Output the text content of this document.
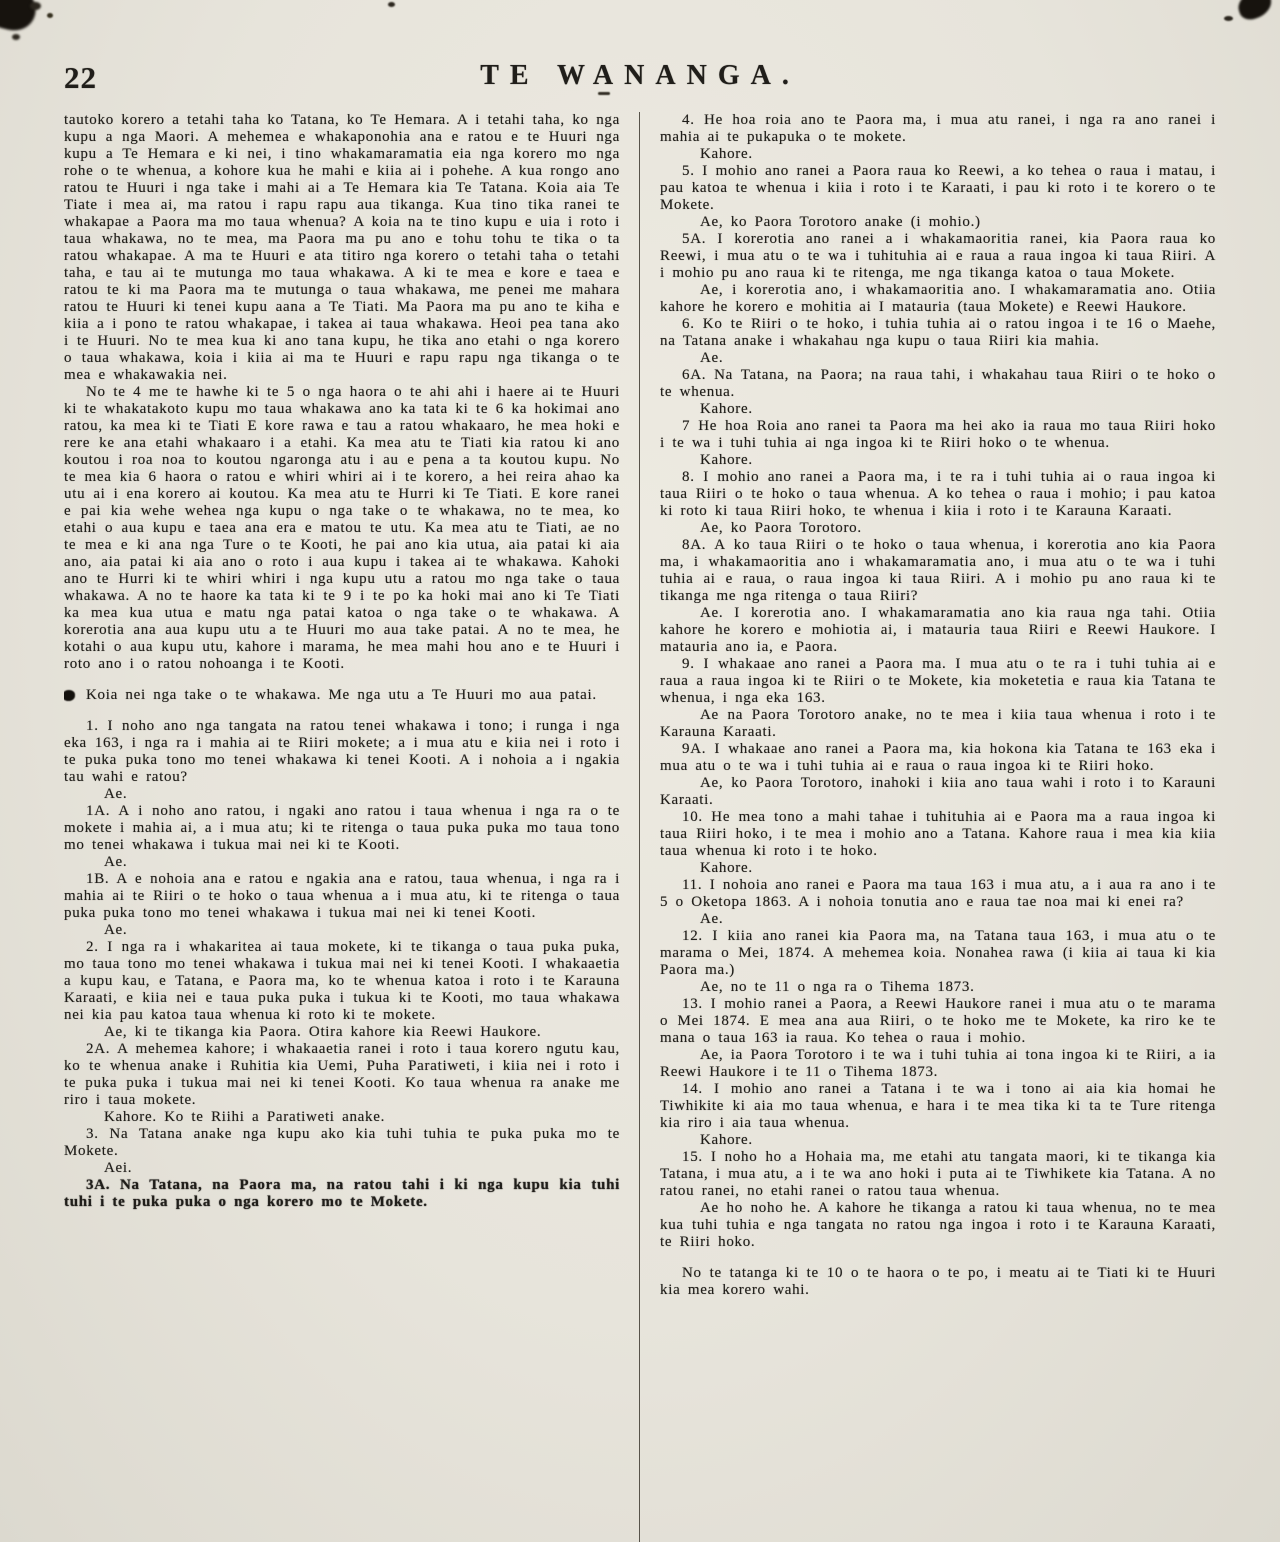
22	TE WANANGA.

tautoko korero a tetahi taha ko Tatana, ko Te Hemara. A i tetahi taha, ko nga kupu a nga Maori. A mehemea e whakaponohia ana e ratou e te Huuri nga kupu a Te Hemara e ki nei, i tino whakamaramatia eia nga korero mo nga rohe o te whenua, a kohore kua he mahi e kiia ai i pohehe. A kua rongo ano ratou te Huuri i nga take i mahi ai a Te Hemara kia Te Tatana. Koia aia Te Tiate i mea ai, ma ratou i rapu rapu aua tikanga. Kua tino tika ranei te whakapae a Paora ma mo taua whenua? A koia na te tino kupu e uia i roto i taua whakawa, no te mea, ma Paora ma pu ano e tohu tohu te tika o ta ratou whakapae. A ma te Huuri e ata titiro nga korero o tetahi taha o tetahi taha, e tau ai te mutunga mo taua whakawa. A ki te mea e kore e taea e ratou te ki ma Paora ma te mutunga o taua whakawa, me penei me mahara ratou te Huuri ki tenei kupu aana a Te Tiati. Ma Paora ma pu ano te kiha e kiia a i pono te ratou whakapae, i takea ai taua whakawa. Heoi pea tana ako i te Huuri. No te mea kua ki ano tana kupu, he tika ano etahi o nga korero o taua whakawa, koia i kiia ai ma te Huuri e rapu rapu nga tikanga o te mea e whakawakia nei.

No te 4 me te hawhe ki te 5 o nga haora o te ahi ahi i haere ai te Huuri ki te whakatakoto kupu mo taua whakawa ano ka tata ki te 6 ka hokimai ano ratou, ka mea ki te Tiati E kore rawa e tau a ratou whakaaro, he mea hoki e rere ke ana etahi whakaaro i a etahi. Ka mea atu te Tiati kia ratou ki ano koutou i roa noa to koutou ngaronga atu i au e pena a ta koutou kupu. No te mea kia 6 haora o ratou e whiri whiri ai i te korero, a hei reira ahao ka utu ai i ena korero ai koutou. Ka mea atu te Hurri ki Te Tiati. E kore ranei e pai kia wehe wehea nga kupu o nga take o te whakawa, no te mea, ko etahi o aua kupu e taea ana era e matou te utu. Ka mea atu te Tiati, ae no te mea e ki ana nga Ture o te Kooti, he pai ano kia utua, aia patai ki aia ano, aia patai ki aia ano o roto i aua kupu i takea ai te whakawa. Kahoki ano te Hurri ki te whiri whiri i nga kupu utu a ratou mo nga take o taua whakawa. A no te haore ka tata ki te 9 i te po ka hoki mai ano ki Te Tiati ka mea kua utua e matu nga patai katoa o nga take o te whakawa. A korerotia ana aua kupu utu a te Huuri mo aua take patai. A no te mea, he kotahi o aua kupu utu, kahore i marama, he mea mahi hou ano e te Huuri i roto ano i o ratou nohoanga i te Kooti.

Koia nei nga take o te whakawa. Me nga utu a Te Huuri mo aua patai.

1. I noho ano nga tangata na ratou tenei whakawa i tono; i runga i nga eka 163, i nga ra i mahia ai te Riiri mokete; a i mua atu e kiia nei i roto i te puka puka tono mo tenei whakawa ki tenei Kooti. A i nohoia a i ngakia tau wahi e ratou?

Ae.

1A. A i noho ano ratou, i ngaki ano ratou i taua whenua i nga ra o te mokete i mahia ai, a i mua atu; ki te ritenga o taua puka puka mo taua tono mo tenei whakawa i tukua mai nei ki te Kooti.

Ae.

1B. A e nohoia ana e ratou e ngakia ana e ratou, taua whenua, i nga ra i mahia ai te Riiri o te hoko o taua whenua a i mua atu, ki te ritenga o taua puka puka tono mo tenei whakawa i tukua mai nei ki tenei Kooti.

Ae.

2. I nga ra i whakaritea ai taua mokete, ki te tikanga o taua puka puka, mo taua tono mo tenei whakawa i tukua mai nei ki tenei Kooti. I whakaaetia a kupu kau, e Tatana, e Paora ma, ko te whenua katoa i roto i te Karauna Karaati, e kiia nei e taua puka puka i tukua ki te Kooti, mo taua whakawa nei kia pau katoa taua whenua ki roto ki te mokete.

Ae, ki te tikanga kia Paora. Otira kahore kia Reewi Haukore.

2A. A mehemea kahore; i whakaaetia ranei i roto i taua korero ngutu kau, ko te whenua anake i Ruhitia kia Uemi, Puha Paratiweti, i kiia nei i roto i te puka puka i tukua mai nei ki tenei Kooti. Ko taua whenua ra anake me riro i taua mokete.

Kahore. Ko te Riihi a Paratiweti anake.

3. Na Tatana anake nga kupu ako kia tuhi tuhia te puka puka mo te Mokete.

Aei.

3A. Na Tatana, na Paora ma, na ratou tahi i ki nga kupu kia tuhi tuhi i te puka puka o nga korero mo te Mokete.

4. He hoa roia ano te Paora ma, i mua atu ranei, i nga ra ano ranei i mahia ai te pukapuka o te mokete.

Kahore.

5. I mohio ano ranei a Paora raua ko Reewi, a ko tehea o raua i matau, i pau katoa te whenua i kiia i roto i te Karaati, i pau ki roto i te korero o te Mokete.

Ae, ko Paora Torotoro anake (i mohio.)

5A. I korerotia ano ranei a i whakamaoritia ranei, kia Paora raua ko Reewi, i mua atu o te wa i tuhituhia ai e raua a raua ingoa ki taua Riiri. A i mohio pu ano raua ki te ritenga, me nga tikanga katoa o taua Mokete.

Ae, i korerotia ano, i whakamaoritia ano. I whakamaramatia ano. Otiia kahore he korero e mohitia ai I matauria (taua Mokete) e Reewi Haukore.

6. Ko te Riiri o te hoko, i tuhia tuhia ai o ratou ingoa i te 16 o Maehe, na Tatana anake i whakahau nga kupu o taua Riiri kia mahia.

Ae.

6A. Na Tatana, na Paora; na raua tahi, i whakahau taua Riiri o te hoko o te whenua.

Kahore.

7 He hoa Roia ano ranei ta Paora ma hei ako ia raua mo taua Riiri hoko i te wa i tuhi tuhia ai nga ingoa ki te Riiri hoko o te whenua.

Kahore.

8. I mohio ano ranei a Paora ma, i te ra i tuhi tuhia ai o raua ingoa ki taua Riiri o te hoko o taua whenua. A ko tehea o raua i mohio; i pau katoa ki roto ki taua Riiri hoko, te whenua i kiia i roto i te Karauna Karaati.

Ae, ko Paora Torotoro.

8A. A ko taua Riiri o te hoko o taua whenua, i korerotia ano kia Paora ma, i whakamaoritia ano i whakamaramatia ano, i mua atu o te wa i tuhi tuhia ai e raua, o raua ingoa ki taua Riiri. A i mohio pu ano raua ki te tikanga me nga ritenga o taua Riiri?

Ae. I korerotia ano. I whakamaramatia ano kia raua nga tahi. Otiia kahore he korero e mohiotia ai, i matauria taua Riiri e Reewi Haukore. I matauria ano ia, e Paora.

9. I whakaae ano ranei a Paora ma. I mua atu o te ra i tuhi tuhia ai e raua a raua ingoa ki te Riiri o te Mokete, kia moketetia e raua kia Tatana te whenua, i nga eka 163.

Ae na Paora Torotoro anake, no te mea i kiia taua whenua i roto i te Karauna Karaati.

9A. I whakaae ano ranei a Paora ma, kia hokona kia Tatana te 163 eka i mua atu o te wa i tuhi tuhia ai e raua o raua ingoa ki te Riiri hoko.

Ae, ko Paora Torotoro, inahoki i kiia ano taua wahi i roto i to Karauni Karaati.

10. He mea tono a mahi tahae i tuhituhia ai e Paora ma a raua ingoa ki taua Riiri hoko, i te mea i mohio ano a Tatana. Kahore raua i mea kia kiia taua whenua ki roto i te hoko.

Kahore.

11. I nohoia ano ranei e Paora ma taua 163 i mua atu, a i aua ra ano i te 5 o Oketopa 1863. A i nohoia tonutia ano e raua tae noa mai ki enei ra?

Ae.

12. I kiia ano ranei kia Paora ma, na Tatana taua 163, i mua atu o te marama o Mei, 1874. A mehemea koia. Nonahea rawa (i kiia ai taua ki kia Paora ma.)

Ae, no te 11 o nga ra o Tihema 1873.

13. I mohio ranei a Paora, a Reewi Haukore ranei i mua atu o te marama o Mei 1874. E mea ana aua Riiri, o te hoko me te Mokete, ka riro ke te mana o taua 163 ia raua. Ko tehea o raua i mohio.

Ae, ia Paora Torotoro i te wa i tuhi tuhia ai tona ingoa ki te Riiri, a ia Reewi Haukore i te 11 o Tihema 1873.

14. I mohio ano ranei a Tatana i te wa i tono ai aia kia homai he Tiwhikite ki aia mo taua whenua, e hara i te mea tika ki ta te Ture ritenga kia riro i aia taua whenua.

Kahore.

15. I noho ho a Hohaia ma, me etahi atu tangata maori, ki te tikanga kia Tatana, i mua atu, a i te wa ano hoki i puta ai te Tiwhikete kia Tatana. A no ratou ranei, no etahi ranei o ratou taua whenua.

Ae ho noho he. A kahore he tikanga a ratou ki taua whenua, no te mea kua tuhi tuhia e nga tangata no ratou nga ingoa i roto i te Karauna Karaati, te Riiri hoko.

No te tatanga ki te 10 o te haora o te po, i meatu ai te Tiati ki te Huuri kia mea korero wahi.
